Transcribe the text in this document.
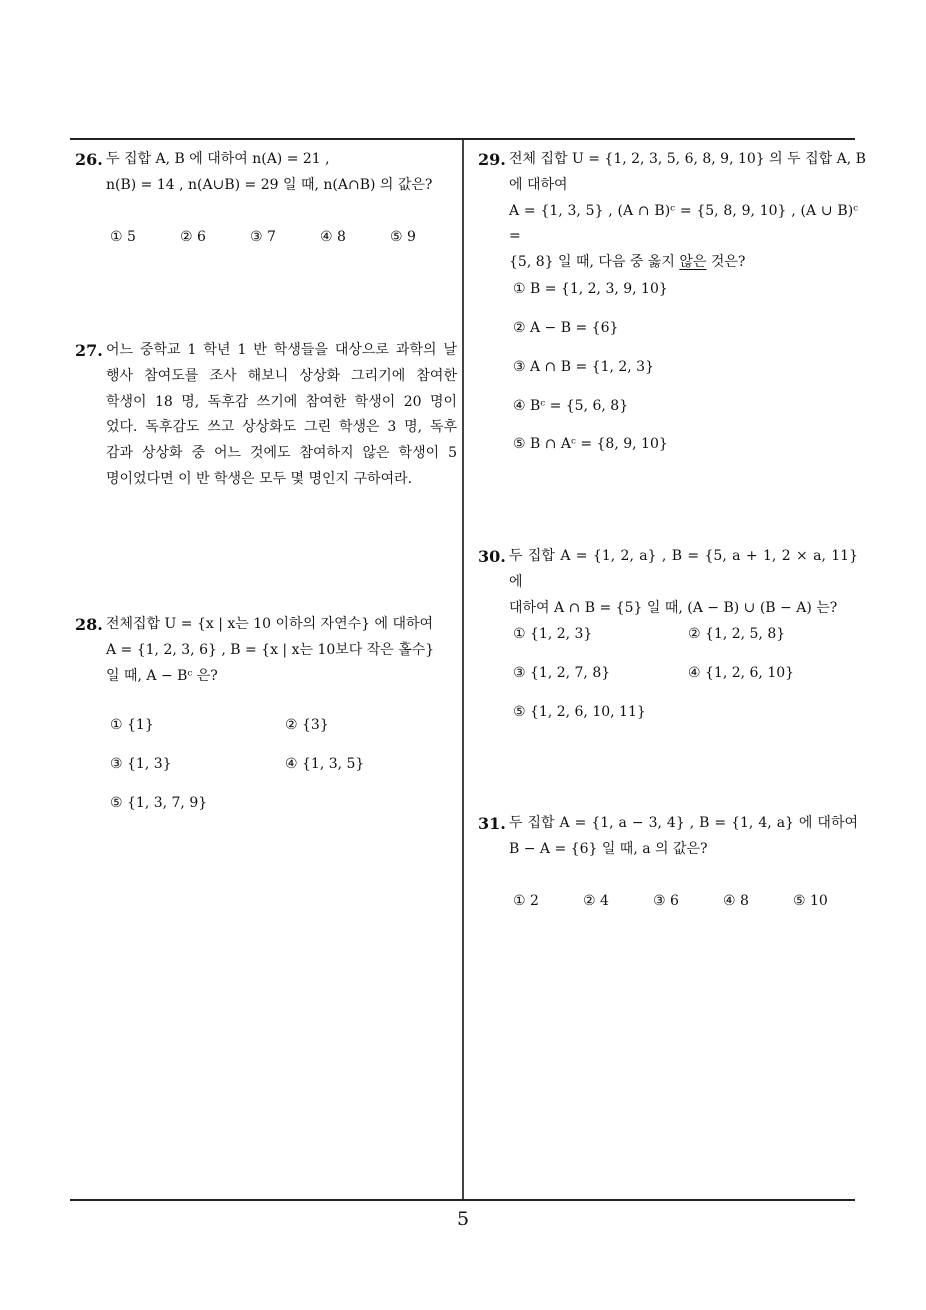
26. 두 집합 A, B 에 대하여 n(A) = 21 ,
n(B) = 14 , n(A∪B) = 29 일 때, n(A∩B) 의 값은?
① 5	② 6	③ 7	④ 8	⑤ 9
27. 어느 중학교 1 학년 1 반 학생들을 대상으로 과학의 날
행사 참여도를 조사 해보니 상상화 그리기에 참여한
학생이 18 명, 독후감 쓰기에 참여한 학생이 20 명이
었다. 독후감도 쓰고 상상화도 그린 학생은 3 명, 독후
감과 상상화 중 어느 것에도 참여하지 않은 학생이 5
명이었다면 이 반 학생은 모두 몇 명인지 구하여라.
28. 전체집합 U = {x | x는 10 이하의 자연수} 에 대하여
A = {1, 2, 3, 6} , B = {x | x는 10보다 작은 홀수}
일 때, A − Bᶜ 은?
① {1}	② {3}
③ {1, 3}	④ {1, 3, 5}
⑤ {1, 3, 7, 9}
29. 전체 집합 U = {1, 2, 3, 5, 6, 8, 9, 10} 의 두 집합 A, B
에 대하여
A = {1, 3, 5} , (A ∩ B)ᶜ = {5, 8, 9, 10} , (A ∪ B)ᶜ =
{5, 8} 일 때, 다음 중 옳지 않은 것은?
① B = {1, 2, 3, 9, 10}
② A − B = {6}
③ A ∩ B = {1, 2, 3}
④ Bᶜ = {5, 6, 8}
⑤ B ∩ Aᶜ = {8, 9, 10}
30. 두 집합 A = {1, 2, a} , B = {5, a + 1, 2 × a, 11} 에
대하여 A ∩ B = {5} 일 때, (A − B) ∪ (B − A) 는?
① {1, 2, 3}	② {1, 2, 5, 8}
③ {1, 2, 7, 8}	④ {1, 2, 6, 10}
⑤ {1, 2, 6, 10, 11}
31. 두 집합 A = {1, a − 3, 4} , B = {1, 4, a} 에 대하여
B − A = {6} 일 때, a 의 값은?
① 2	② 4	③ 6	④ 8	⑤ 10
5
